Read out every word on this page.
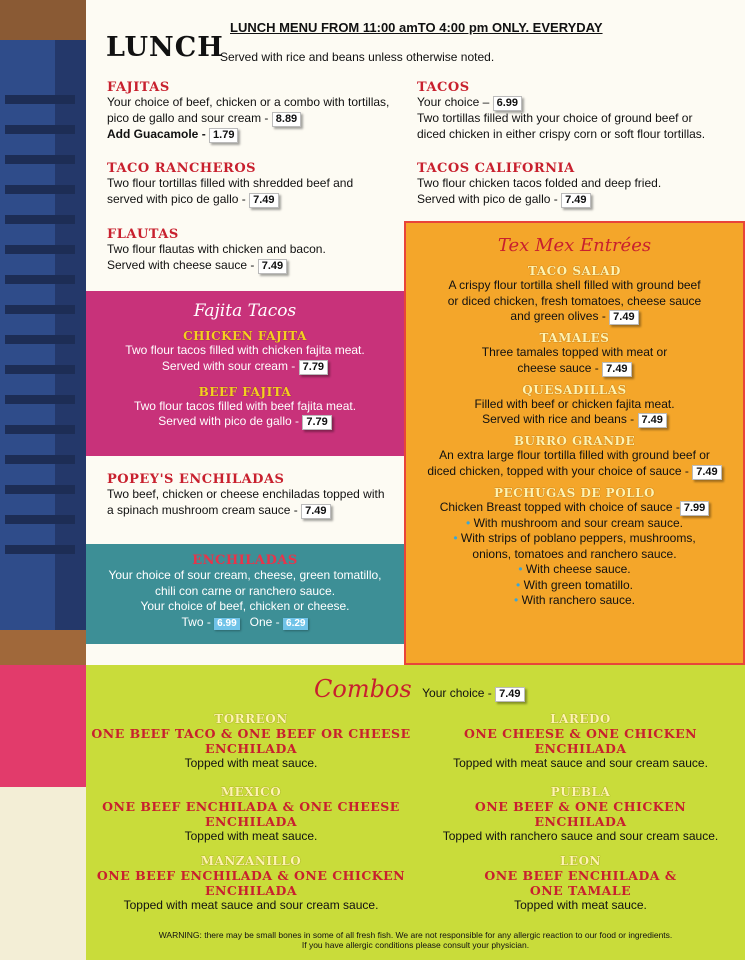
LUNCH MENU FROM 11:00 amTO 4:00 pm ONLY. EVERYDAY
LUNCH
Served with rice and beans unless otherwise noted.
FAJITAS
Your choice of beef, chicken or a combo with tortillas,
pico de gallo and sour cream - 8.89
Add Guacamole - 1.79
TACO RANCHEROS
Two flour tortillas filled with shredded beef and
served with pico de gallo - 7.49
FLAUTAS
Two flour flautas with chicken and bacon.
Served with cheese sauce - 7.49
TACOS
Your choice – 6.99
Two tortillas filled with your choice of ground beef or
diced chicken in either crispy corn or soft flour tortillas.
TACOS CALIFORNIA
Two flour chicken tacos folded and deep fried.
Served with pico de gallo - 7.49
Fajita Tacos
CHICKEN FAJITA
Two flour tacos filled with chicken fajita meat.
Served with sour cream - 7.79
BEEF FAJITA
Two flour tacos filled with beef fajita meat.
Served with pico de gallo - 7.79
POPEY'S ENCHILADAS
Two beef, chicken or cheese enchiladas topped with
a spinach mushroom cream sauce - 7.49
ENCHILADAS
Your choice of sour cream, cheese, green tomatillo,
chili con carne or ranchero sauce.
Your choice of beef, chicken or cheese.
Two - 6.99 One - 6.29
Tex Mex Entrées
TACO SALAD
A crispy flour tortilla shell filled with ground beef
or diced chicken, fresh tomatoes, cheese sauce
and green olives - 7.49
TAMALES
Three tamales topped with meat or
cheese sauce - 7.49
QUESADILLAS
Filled with beef or chicken fajita meat.
Served with rice and beans - 7.49
BURRO GRANDE
An extra large flour tortilla filled with ground beef or
diced chicken, topped with your choice of sauce - 7.49
PECHUGAS DE POLLO
Chicken Breast topped with choice of sauce - 7.99
• With mushroom and sour cream sauce.
• With strips of poblano peppers, mushrooms,
onions, tomatoes and ranchero sauce.
• With cheese sauce.
• With green tomatillo.
• With ranchero sauce.
Combos Your choice - 7.49
TORREON
ONE BEEF TACO & ONE BEEF OR CHEESE
ENCHILADA
Topped with meat sauce.
LAREDO
ONE CHEESE & ONE CHICKEN
ENCHILADA
Topped with meat sauce and sour cream sauce.
MEXICO
ONE BEEF ENCHILADA & ONE CHEESE
ENCHILADA
Topped with meat sauce.
PUEBLA
ONE BEEF & ONE CHICKEN
ENCHILADA
Topped with ranchero sauce and sour cream sauce.
MANZANILLO
ONE BEEF ENCHILADA & ONE CHICKEN
ENCHILADA
Topped with meat sauce and sour cream sauce.
LEON
ONE BEEF ENCHILADA &
ONE TAMALE
Topped with meat sauce.
WARNING: there may be small bones in some of all fresh fish. We are not responsible for any allergic reaction to our food or ingredients.
If you have allergic conditions please consult your physician.
